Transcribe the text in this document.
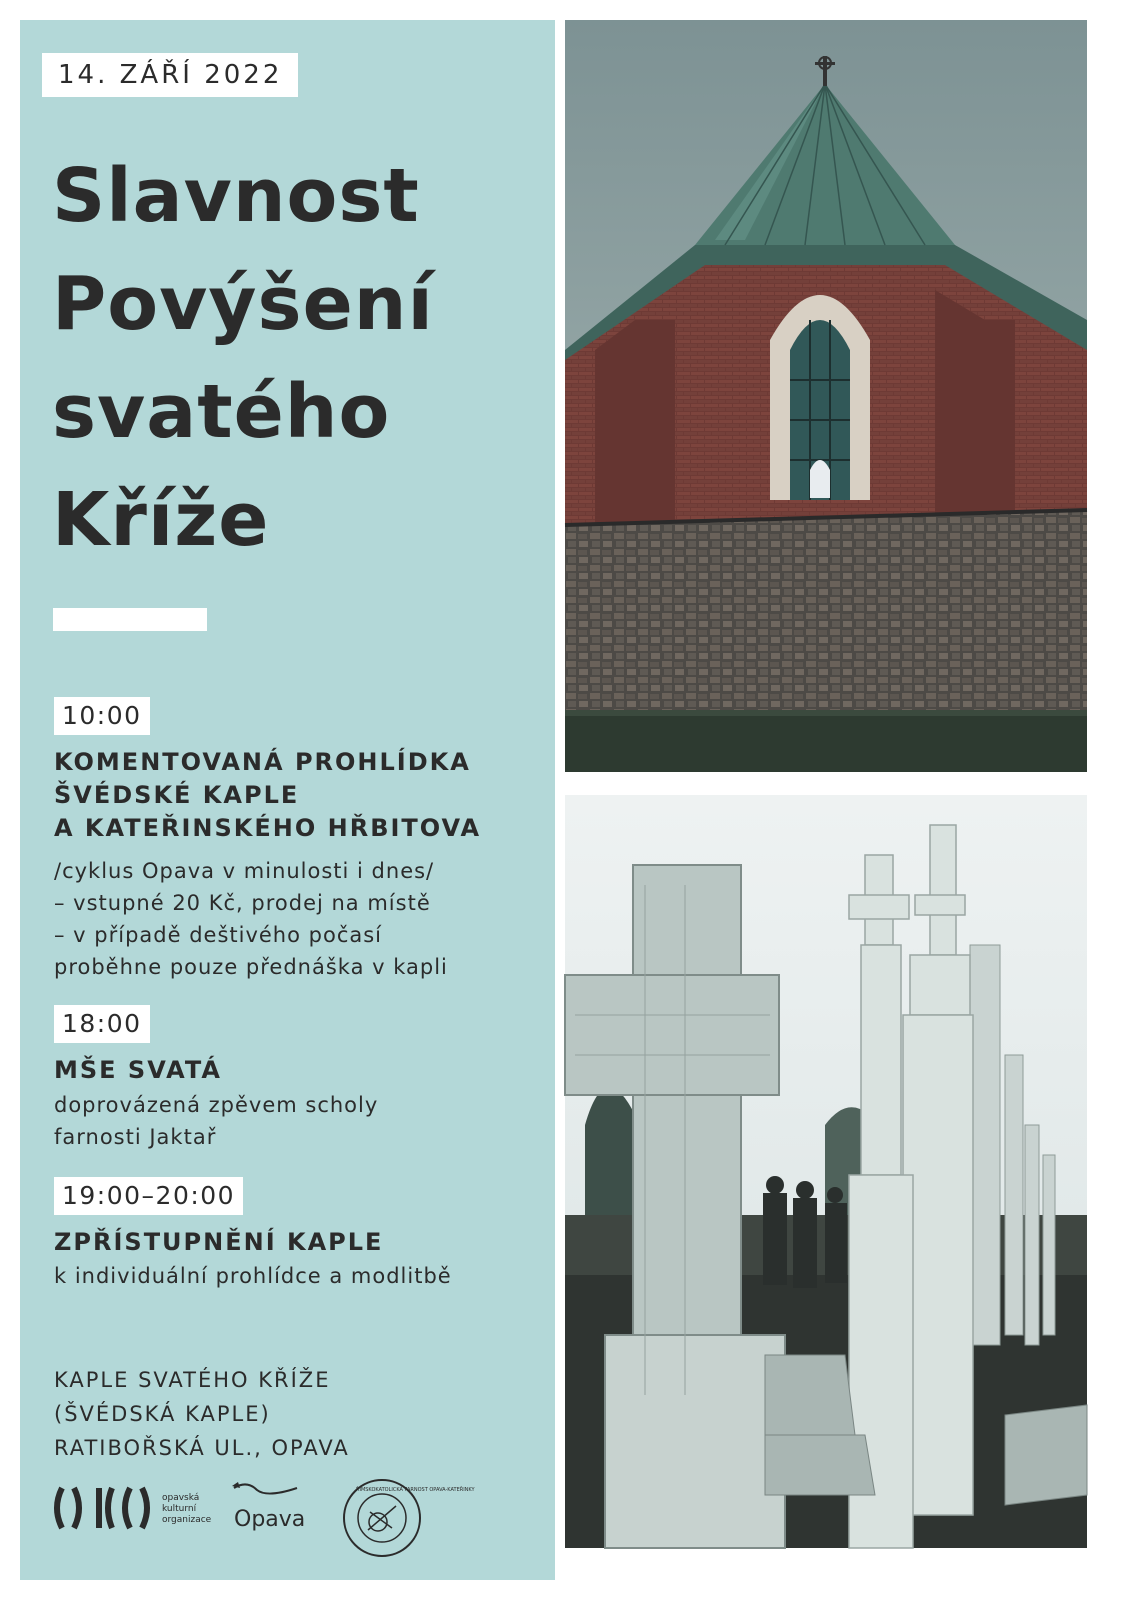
14. ZÁŘÍ 2022
Slavnost
Povýšení
svatého
Kříže
10:00
KOMENTOVANÁ PROHLÍDKA
ŠVÉDSKÉ KAPLE
A KATEŘINSKÉHO HŘBITOVA
/cyklus Opava v minulosti i dnes/
– vstupné 20 Kč, prodej na místě
– v případě deštivého počasí
proběhne pouze přednáška v kapli
18:00
MŠE SVATÁ
doprovázená zpěvem scholy
farnosti Jaktař
19:00–20:00
ZPŘÍSTUPNĚNÍ KAPLE
k individuální prohlídce a modlitbě
KAPLE SVATÉHO KŘÍŽE
(ŠVÉDSKÁ KAPLE)
RATIBOŘSKÁ UL., OPAVA
opavská
kulturní
organizace Opava
ŘÍMSKOKATOLICKÁ FARNOST OPAVA-KATEŘINKY
